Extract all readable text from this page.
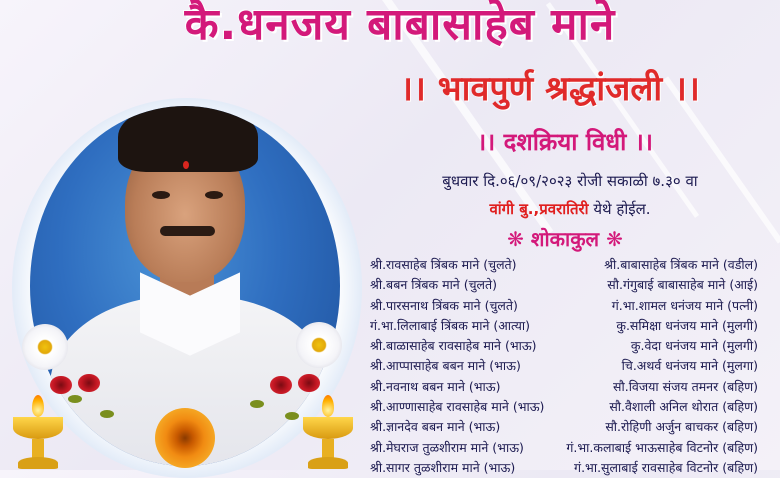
कै.धनजय बाबासाहेब माने
।। भावपुर्ण श्रद्धांजली ।।
।। दशक्रिया विधी ।।
बुधवार दि.०६/०९/२०२३ रोजी सकाळी ७.३० वा
वांगी बु.,प्रवरातिरी येथे होईल.
❋ शोकाकुल ❋
श्री.रावसाहेब त्रिंबक माने (चुलते)
श्री.बबन त्रिंबक माने (चुलते)
श्री.पारसनाथ त्रिंबक माने (चुलते)
गं.भा.लिलाबाई त्रिंबक माने (आत्या)
श्री.बाळासाहेब रावसाहेब माने (भाऊ)
श्री.आप्पासाहेब बबन माने (भाऊ)
श्री.नवनाथ बबन माने (भाऊ)
श्री.आण्णासाहेब रावसाहेब माने (भाऊ)
श्री.ज्ञानदेव बबन माने (भाऊ)
श्री.मेघराज तुळशीराम माने (भाऊ)
श्री.सागर तुळशीराम माने (भाऊ)
श्री.बाबासाहेब त्रिंबक माने (वडील)
सौ.गंगुबाई बाबासाहेब माने (आई)
गं.भा.शामल धनंजय माने (पत्नी)
कु.समिक्षा धनंजय माने (मुलगी)
कु.वेदा धनंजय माने (मुलगी)
चि.अथर्व धनंजय माने (मुलगा)
सौ.विजया संजय तमनर (बहिण)
सौ.वैशाली अनिल थोरात (बहिण)
सौ.रोहिणी अर्जुन बाचकर (बहिण)
गं.भा.कलाबाई भाऊसाहेब विटनोर (बहिण)
गं.भा.सुलाबाई रावसाहेब विटनोर (बहिण)
